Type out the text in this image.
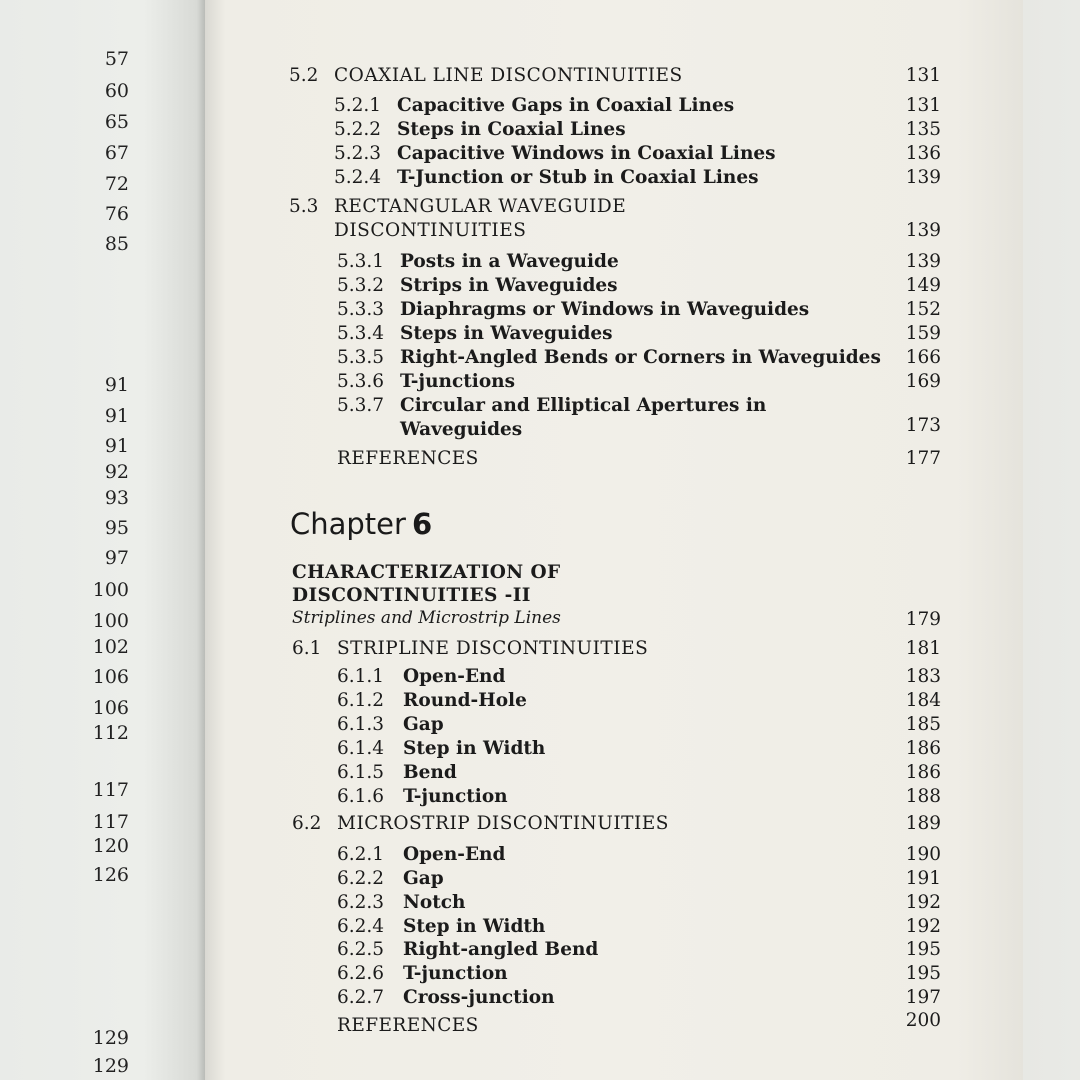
57
60
65
67
72
76
85
91
91
91
92
93
95
97
100
100
102
106
106
112
117
117
120
126
129
129
5.2 COAXIAL LINE DISCONTINUITIES	131
5.2.1 Capacitive Gaps in Coaxial Lines	131
5.2.2 Steps in Coaxial Lines	135
5.2.3 Capacitive Windows in Coaxial Lines	136
5.2.4 T-Junction or Stub in Coaxial Lines	139
5.3 RECTANGULAR WAVEGUIDE
DISCONTINUITIES	139
5.3.1 Posts in a Waveguide	139
5.3.2 Strips in Waveguides	149
5.3.3 Diaphragms or Windows in Waveguides	152
5.3.4 Steps in Waveguides	159
5.3.5 Right-Angled Bends or Corners in Waveguides	166
5.3.6 T-junctions	169
5.3.7 Circular and Elliptical Apertures in
Waveguides	173
REFERENCES	177
Chapter 6
CHARACTERIZATION OF
DISCONTINUITIES -II
Striplines and Microstrip Lines	179
6.1 STRIPLINE DISCONTINUITIES	181
6.1.1 Open-End	183
6.1.2 Round-Hole	184
6.1.3 Gap	185
6.1.4 Step in Width	186
6.1.5 Bend	186
6.1.6 T-junction	188
6.2 MICROSTRIP DISCONTINUITIES	189
6.2.1 Open-End	190
6.2.2 Gap	191
6.2.3 Notch	192
6.2.4 Step in Width	192
6.2.5 Right-angled Bend	195
6.2.6 T-junction	195
6.2.7 Cross-junction	197
REFERENCES	200
